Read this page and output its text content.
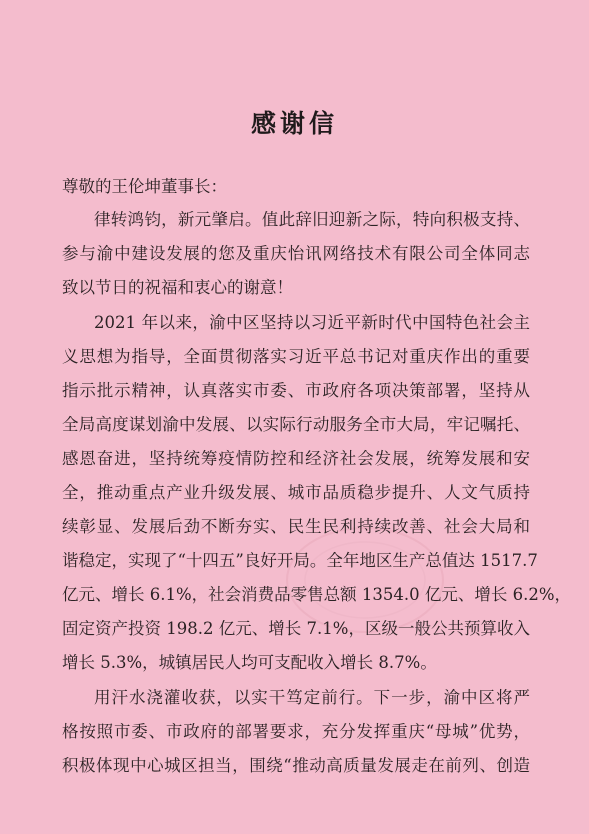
感谢信
尊敬的王伦坤董事长：
律转鸿钧，新元肇启。值此辞旧迎新之际，特向积极支持、
参与渝中建设发展的您及重庆怡讯网络技术有限公司全体同志
致以节日的祝福和衷心的谢意！
2021 年以来，渝中区坚持以习近平新时代中国特色社会主
义思想为指导，全面贯彻落实习近平总书记对重庆作出的重要
指示批示精神，认真落实市委、市政府各项决策部署，坚持从
全局高度谋划渝中发展、以实际行动服务全市大局，牢记嘱托、
感恩奋进，坚持统筹疫情防控和经济社会发展，统筹发展和安
全，推动重点产业升级发展、城市品质稳步提升、人文气质持
续彰显、发展后劲不断夯实、民生民利持续改善、社会大局和
谐稳定，实现了“十四五”良好开局。全年地区生产总值达 1517.7
亿元、增长 6.1%，社会消费品零售总额 1354.0 亿元、增长 6.2%，
固定资产投资 198.2 亿元、增长 7.1%，区级一般公共预算收入
增长 5.3%，城镇居民人均可支配收入增长 8.7%。
用汗水浇灌收获，以实干笃定前行。下一步，渝中区将严
格按照市委、市政府的部署要求，充分发挥重庆“母城”优势，
积极体现中心城区担当，围绕“推动高质量发展走在前列、创造
